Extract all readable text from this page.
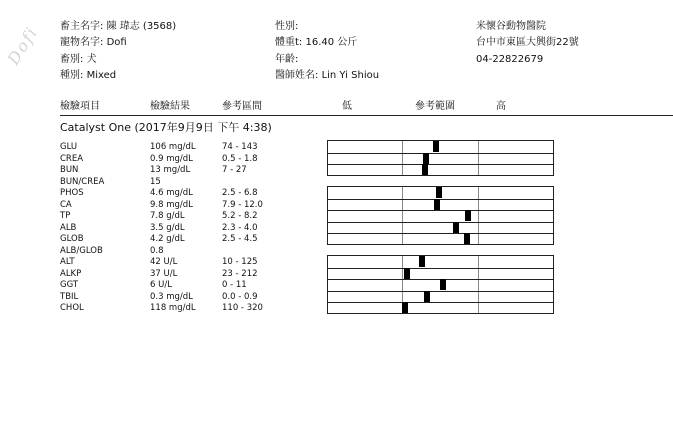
Dofi 畜主名字: 陳 瑋志 (3568)
寵物名字: Dofi
畜別: 犬
種別: Mixed
性別:
體重t: 16.40 公斤
年齡:
醫師姓名: Lin Yi Shiou
米懷谷動物醫院
台中市東區大興街22號
04-22822679
檢驗項目	檢驗結果	參考區間	低	參考範圍	高
Catalyst One (2017年9月9日 下午 4:38)
GLU	106 mg/dL	74 - 143
CREA	0.9 mg/dL	0.5 - 1.8
BUN	13 mg/dL	7 - 27
BUN/CREA	15
PHOS	4.6 mg/dL	2.5 - 6.8
CA	9.8 mg/dL	7.9 - 12.0
TP	7.8 g/dL	5.2 - 8.2
ALB	3.5 g/dL	2.3 - 4.0
GLOB	4.2 g/dL	2.5 - 4.5
ALB/GLOB	0.8
ALT	42 U/L	10 - 125
ALKP	37 U/L	23 - 212
GGT	6 U/L	0 - 11
TBIL	0.3 mg/dL	0.0 - 0.9
CHOL	118 mg/dL	110 - 320
